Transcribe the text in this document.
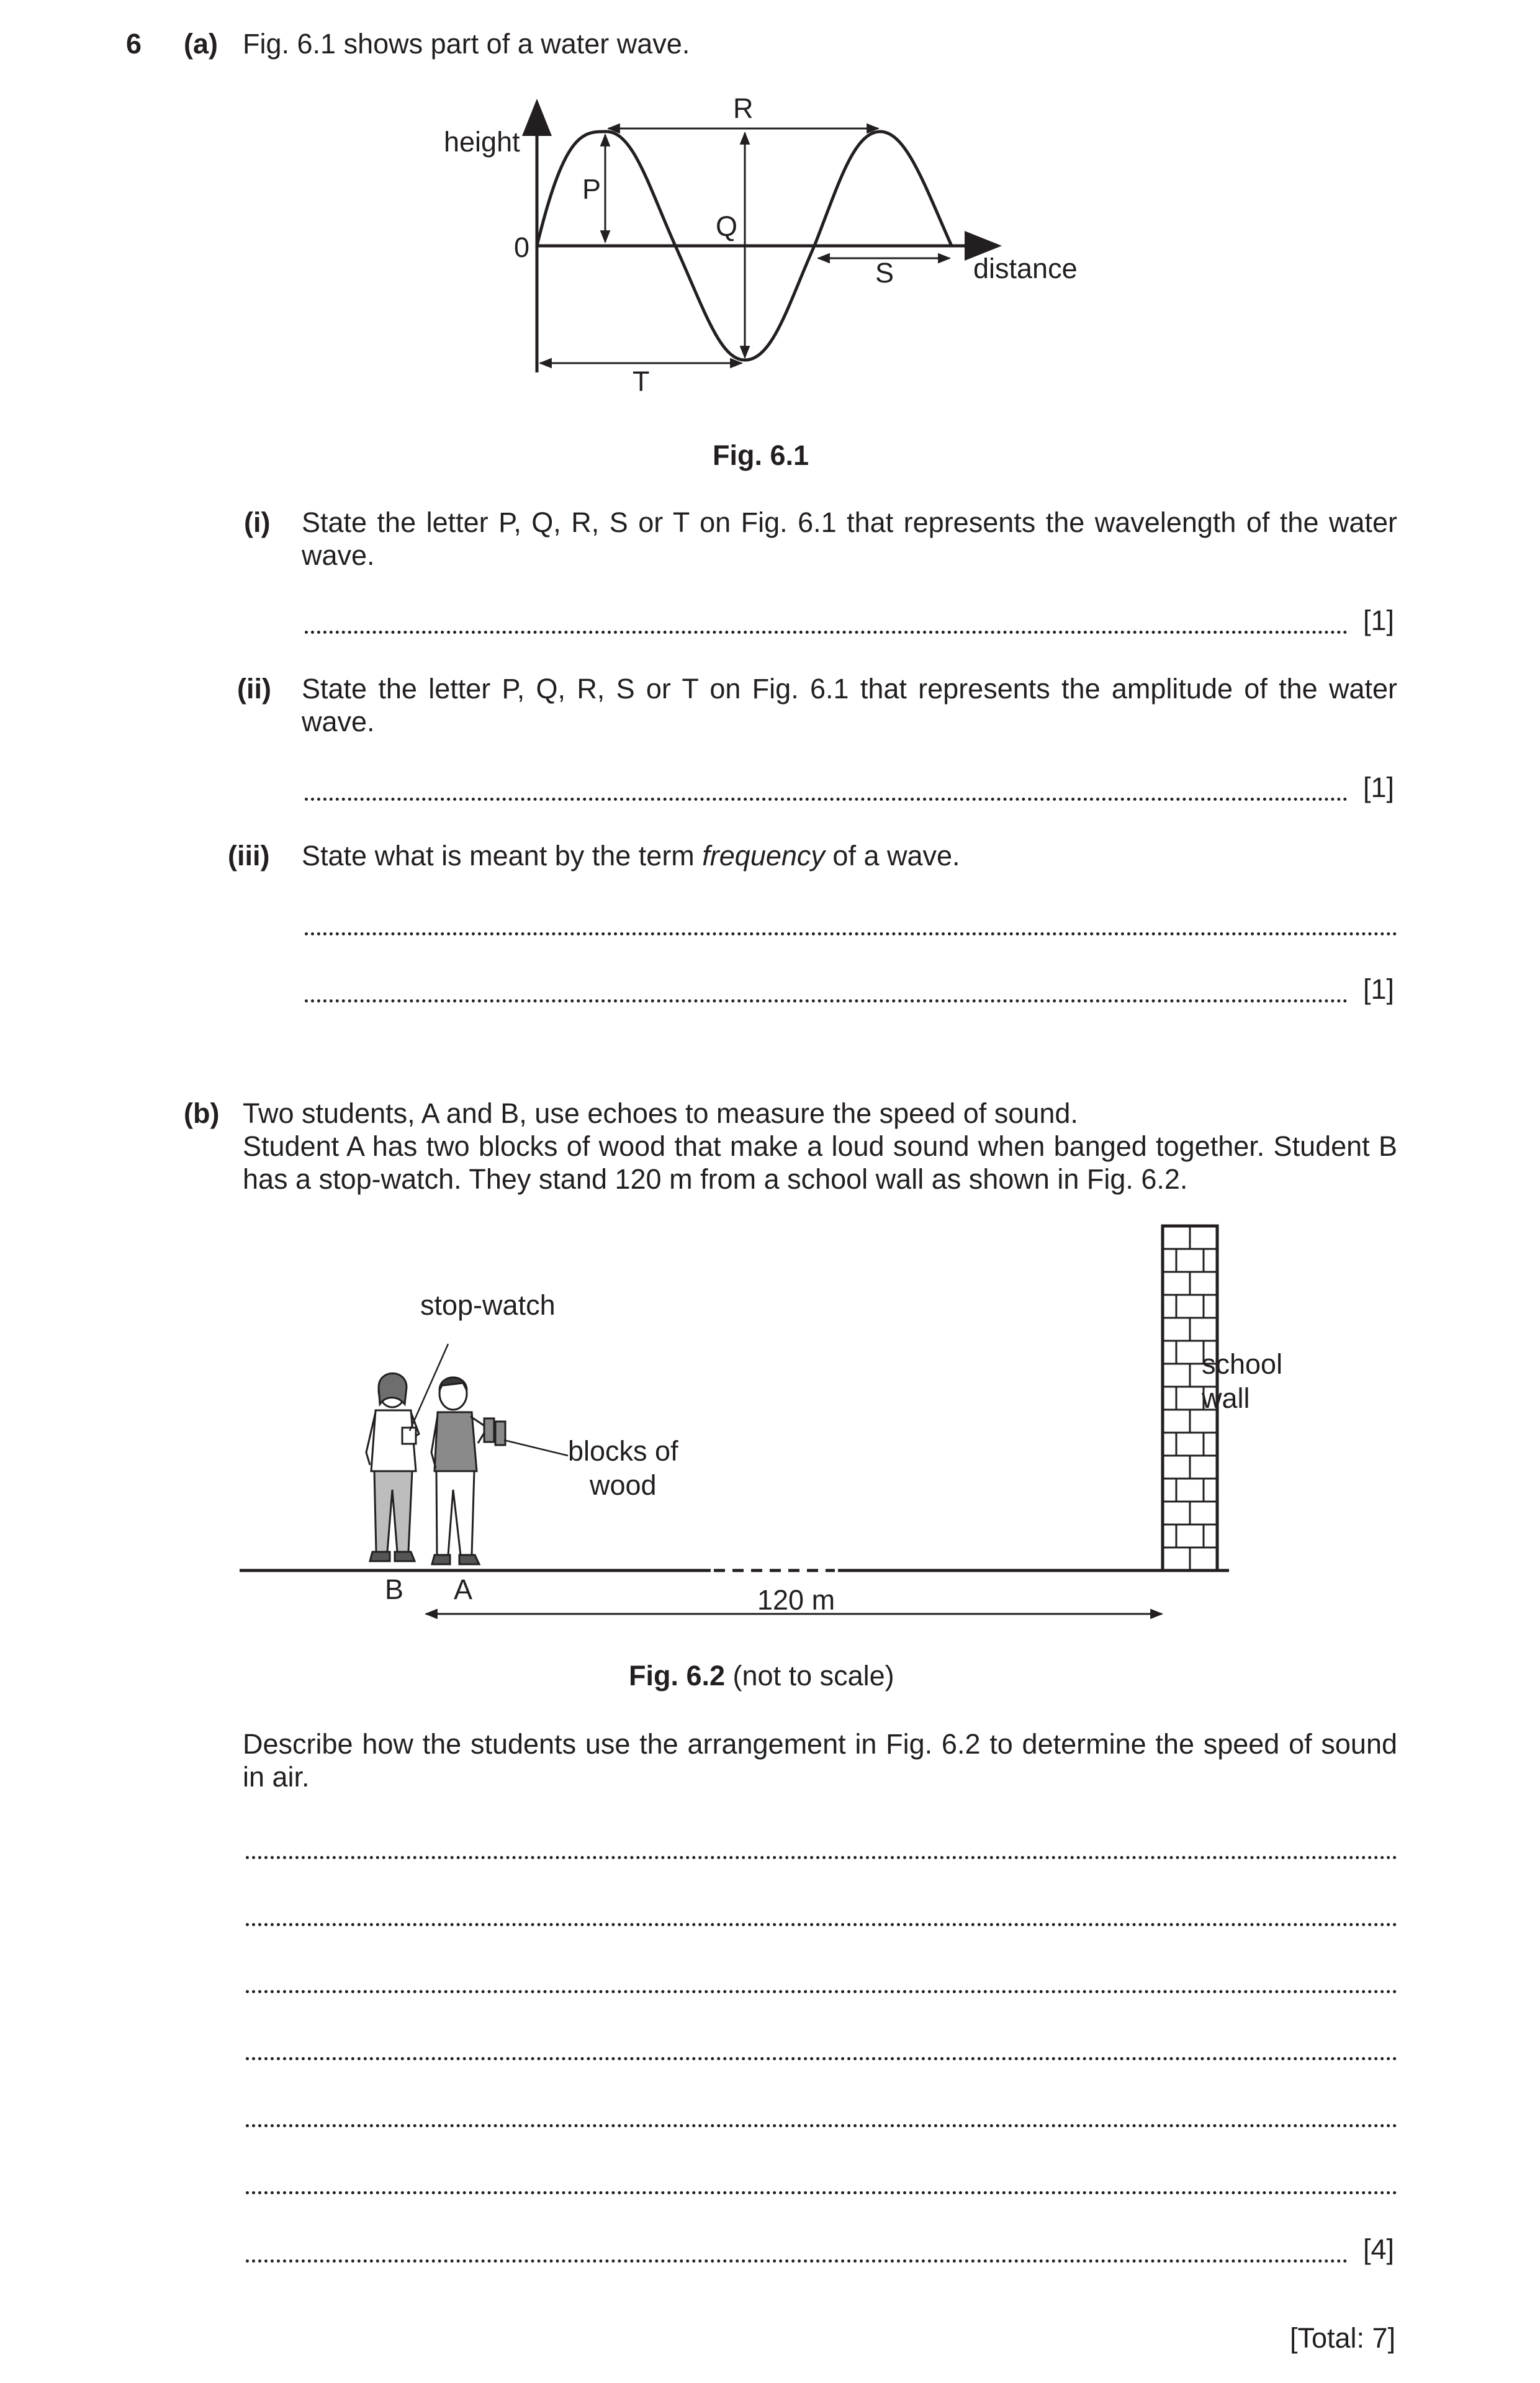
6 (a) Fig. 6.1 shows part of a water wave.
height
0
distance
R
P
Q
S
T
Fig. 6.1
(i) State the letter P, Q, R, S or T on Fig. 6.1 that represents the wavelength of the water wave.
[1]
(ii) State the letter P, Q, R, S or T on Fig. 6.1 that represents the amplitude of the water wave.
[1]
(iii) State what is meant by the term frequency of a wave.
[1]
(b) Two students, A and B, use echoes to measure the speed of sound.
Student A has two blocks of wood that make a loud sound when banged together. Student B has a stop-watch. They stand 120 m from a school wall as shown in Fig. 6.2.
stop-watch
blocks of
wood
school
wall
B A	120 m
Fig. 6.2 (not to scale)
Describe how the students use the arrangement in Fig. 6.2 to determine the speed of sound in air.
[4]
[Total: 7]
